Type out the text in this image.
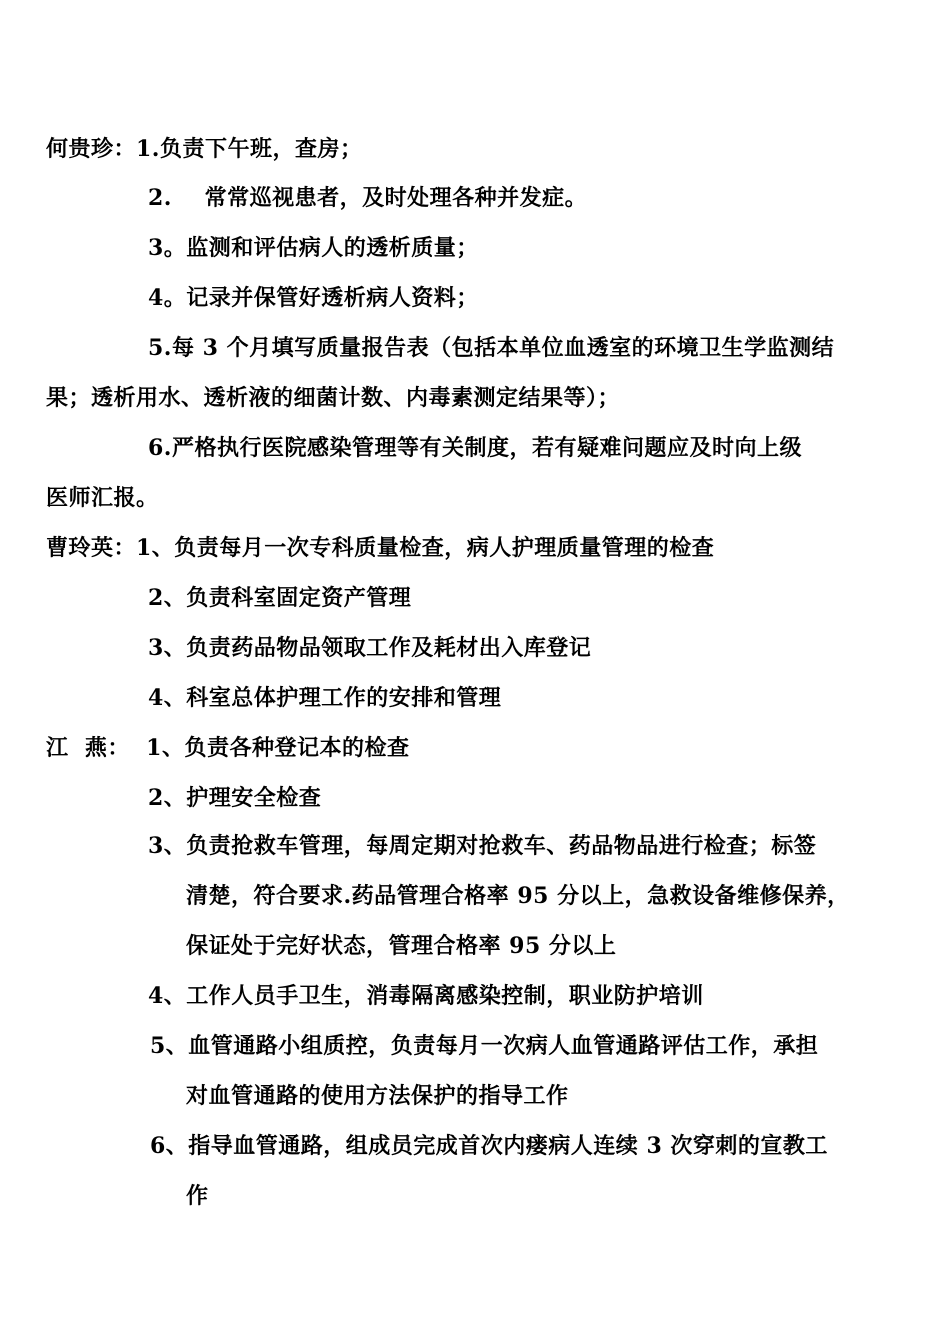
何贵珍：1.负责下午班，查房；
2.    常常巡视患者，及时处理各种并发症。
3。监测和评估病人的透析质量；
4。记录并保管好透析病人资料；
5.每 3 个月填写质量报告表（包括本单位血透室的环境卫生学监测结
果；透析用水、透析液的细菌计数、内毒素测定结果等）；
6.严格执行医院感染管理等有关制度，若有疑难问题应及时向上级
医师汇报。
曹玲英：1、负责每月一次专科质量检查，病人护理质量管理的检查
2、负责科室固定资产管理
3、负责药品物品领取工作及耗材出入库登记
4、科室总体护理工作的安排和管理
江  燕：  1、负责各种登记本的检查
2、护理安全检查
3、负责抢救车管理，每周定期对抢救车、药品物品进行检查；标签
清楚，符合要求.药品管理合格率 95 分以上，急救设备维修保养，
保证处于完好状态，管理合格率 95 分以上
4、工作人员手卫生，消毒隔离感染控制，职业防护培训
5、血管通路小组质控，负责每月一次病人血管通路评估工作，承担
对血管通路的使用方法保护的指导工作
6、指导血管通路，组成员完成首次内瘘病人连续 3 次穿刺的宣教工
作
